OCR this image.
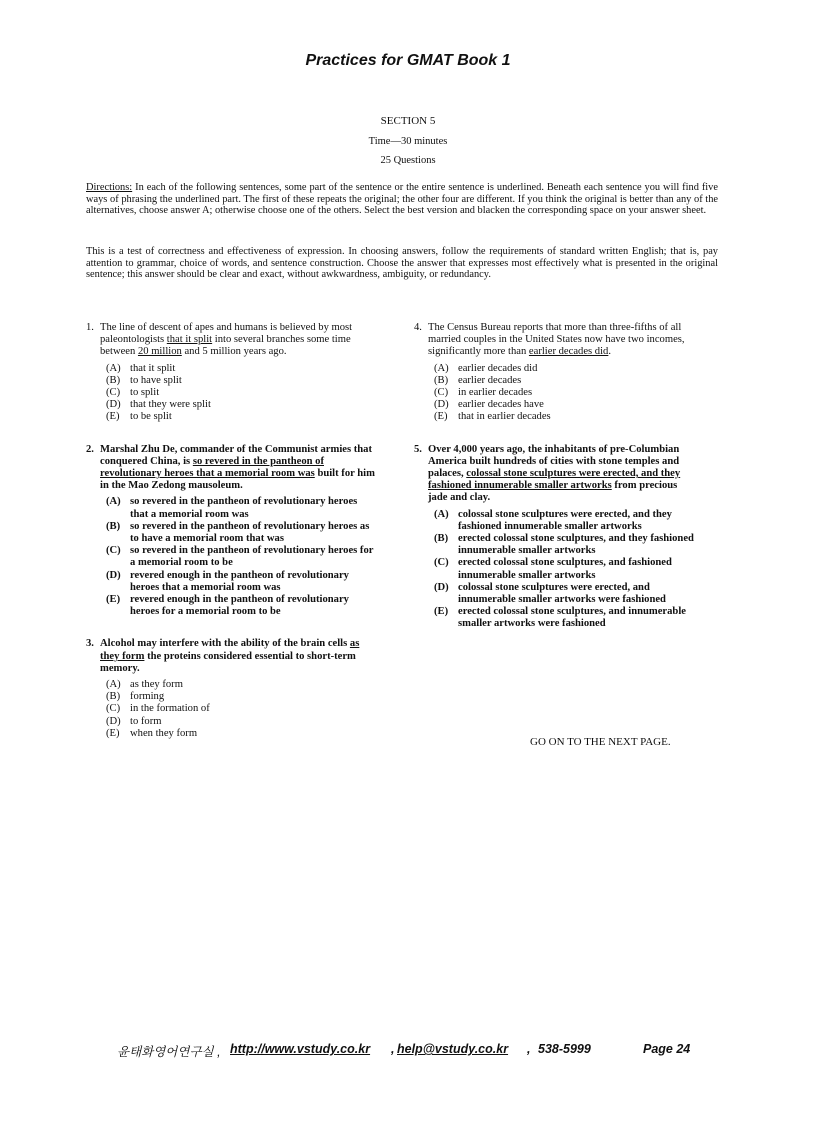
Practices for GMAT Book 1
SECTION 5
Time—30 minutes
25 Questions
Directions: In each of the following sentences, some part of the sentence or the entire sentence is underlined. Beneath each sentence you will find five ways of phrasing the underlined part. The first of these repeats the original; the other four are different. If you think the original is better than any of the alternatives, choose answer A; otherwise choose one of the others. Select the best version and blacken the corresponding space on your answer sheet.
This is a test of correctness and effectiveness of expression. In choosing answers, follow the requirements of standard written English; that is, pay attention to grammar, choice of words, and sentence construction. Choose the answer that expresses most effectively what is presented in the original sentence; this answer should be clear and exact, without awkwardness, ambiguity, or redundancy.
1. The line of descent of apes and humans is believed by most paleontologists that it split into several branches some time between 20 million and 5 million years ago.
(A) that it split
(B) to have split
(C) to split
(D) that they were split
(E) to be split
2. Marshal Zhu De, commander of the Communist armies that conquered China, is so revered in the pantheon of revolutionary heroes that a memorial room was built for him in the Mao Zedong mausoleum.
(A) so revered in the pantheon of revolutionary heroes that a memorial room was
(B) so revered in the pantheon of revolutionary heroes as to have a memorial room that was
(C) so revered in the pantheon of revolutionary heroes for a memorial room to be
(D) revered enough in the pantheon of revolutionary heroes that a memorial room was
(E) revered enough in the pantheon of revolutionary heroes for a memorial room to be
3. Alcohol may interfere with the ability of the brain cells as they form the proteins considered essential to short-term memory.
(A) as they form
(B) forming
(C) in the formation of
(D) to form
(E) when they form
4. The Census Bureau reports that more than three-fifths of all married couples in the United States now have two incomes, significantly more than earlier decades did.
(A) earlier decades did
(B) earlier decades
(C) in earlier decades
(D) earlier decades have
(E) that in earlier decades
5. Over 4,000 years ago, the inhabitants of pre-Columbian America built hundreds of cities with stone temples and palaces, colossal stone sculptures were erected, and they fashioned innumerable smaller artworks from precious jade and clay.
(A) colossal stone sculptures were erected, and they fashioned innumerable smaller artworks
(B) erected colossal stone sculptures, and they fashioned innumerable smaller artworks
(C) erected colossal stone sculptures, and fashioned innumerable smaller artworks
(D) colossal stone sculptures were erected, and innumerable smaller artworks were fashioned
(E) erected colossal stone sculptures, and innumerable smaller artworks were fashioned
GO ON TO THE NEXT PAGE.
윤태화영어연구실 , http://www.vstudy.co.kr , help@vstudy.co.kr , 538-5999	Page 24
